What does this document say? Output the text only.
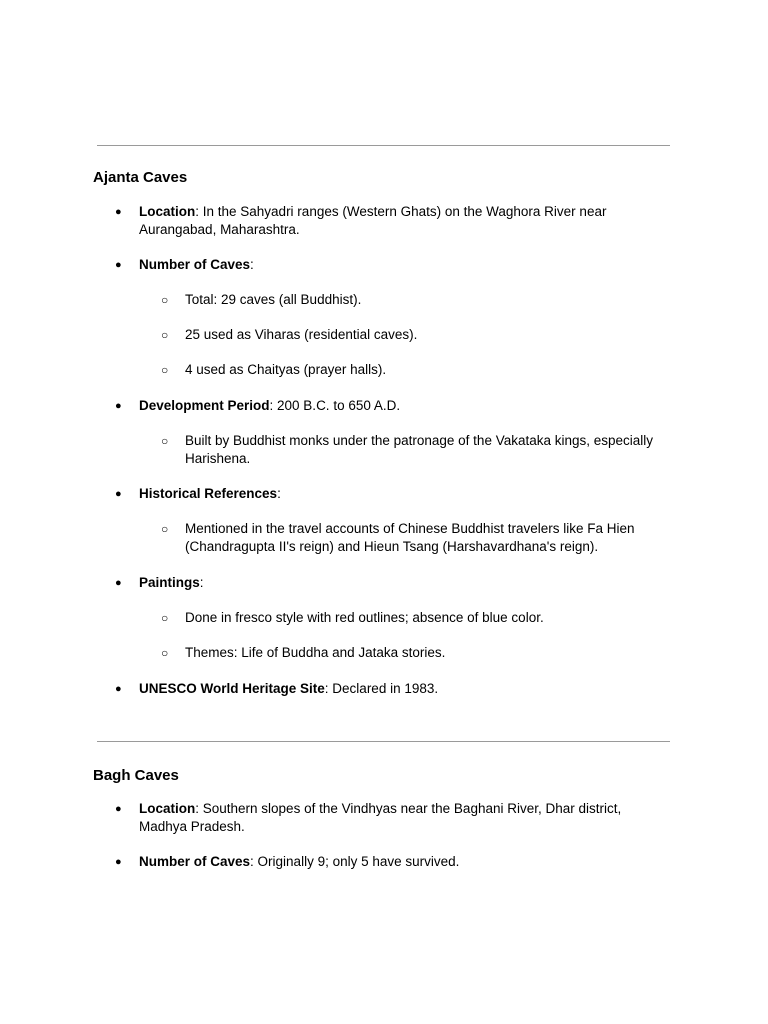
Ajanta Caves
● Location: In the Sahyadri ranges (Western Ghats) on the Waghora River near Aurangabad, Maharashtra.
● Number of Caves:
○ Total: 29 caves (all Buddhist).
○ 25 used as Viharas (residential caves).
○ 4 used as Chaityas (prayer halls).
● Development Period: 200 B.C. to 650 A.D.
○ Built by Buddhist monks under the patronage of the Vakataka kings, especially Harishena.
● Historical References:
○ Mentioned in the travel accounts of Chinese Buddhist travelers like Fa Hien (Chandragupta II's reign) and Hieun Tsang (Harshavardhana's reign).
● Paintings:
○ Done in fresco style with red outlines; absence of blue color.
○ Themes: Life of Buddha and Jataka stories.
● UNESCO World Heritage Site: Declared in 1983.
Bagh Caves
● Location: Southern slopes of the Vindhyas near the Baghani River, Dhar district, Madhya Pradesh.
● Number of Caves: Originally 9; only 5 have survived.
